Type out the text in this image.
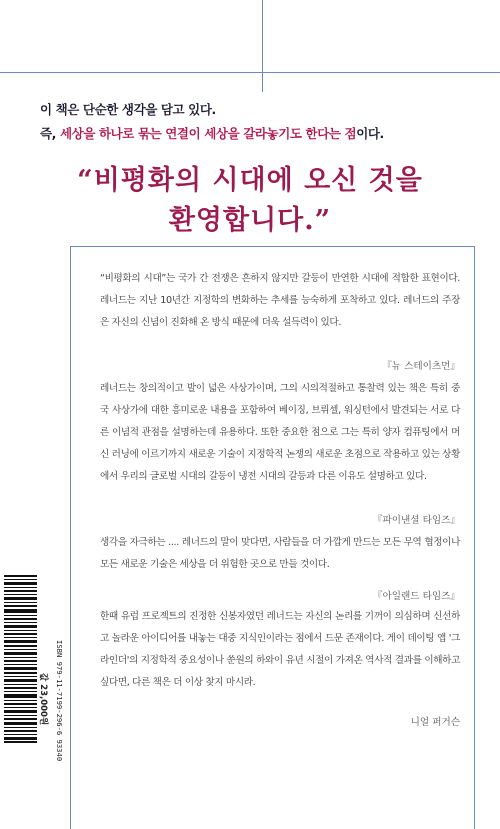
이 책은 단순한 생각을 담고 있다.
즉, 세상을 하나로 묶는 연결이 세상을 갈라놓기도 한다는 점이다.
“비평화의 시대에 오신 것을
환영합니다.”

“비평화의 시대”는 국가 간 전쟁은 흔하지 않지만 갈등이 만연한 시대에 적합한 표현이다. 레너드는 지난 10년간 지정학의 변화하는 추세를 능숙하게 포착하고 있다. 레너드의 주장은 자신의 신념이 진화해 온 방식 때문에 더욱 설득력이 있다.

『뉴 스테이츠먼』

레너드는 창의적이고 발이 넓은 사상가이며, 그의 시의적절하고 통찰력 있는 책은 특히 중국 사상가에 대한 흥미로운 내용을 포함하여 베이징, 브뤼셀, 워싱턴에서 발견되는 서로 다른 이념적 관점을 설명하는데 유용하다. 또한 중요한 점으로 그는 특히 양자 컴퓨팅에서 머신 러닝에 이르기까지 새로운 기술이 지정학적 논쟁의 새로운 초점으로 작용하고 있는 상황에서 우리의 글로벌 시대의 갈등이 냉전 시대의 갈등과 다른 이유도 설명하고 있다.

『파이낸셜 타임즈』

생각을 자극하는 .... 레너드의 말이 맞다면, 사람들을 더 가깝게 만드는 모든 무역 협정이나 모든 새로운 기술은 세상을 더 위험한 곳으로 만들 것이다.

『아일랜드 타임즈』

한때 유럽 프로젝트의 진정한 신봉자였던 레너드는 자신의 논리를 기꺼이 의심하며 신선하고 놀라운 아이디어를 내놓는 대중 지식인이라는 점에서 드문 존재이다. 게이 데이팅 앱 '그라인더'의 지정학적 중요성이나 쑨원의 하와이 유년 시절이 가져온 역사적 결과를 이해하고 싶다면, 다른 책은 더 이상 찾지 마시라.

니얼 퍼거슨
값 23,000원 ISBN 979-11-7199-296-6 93340
